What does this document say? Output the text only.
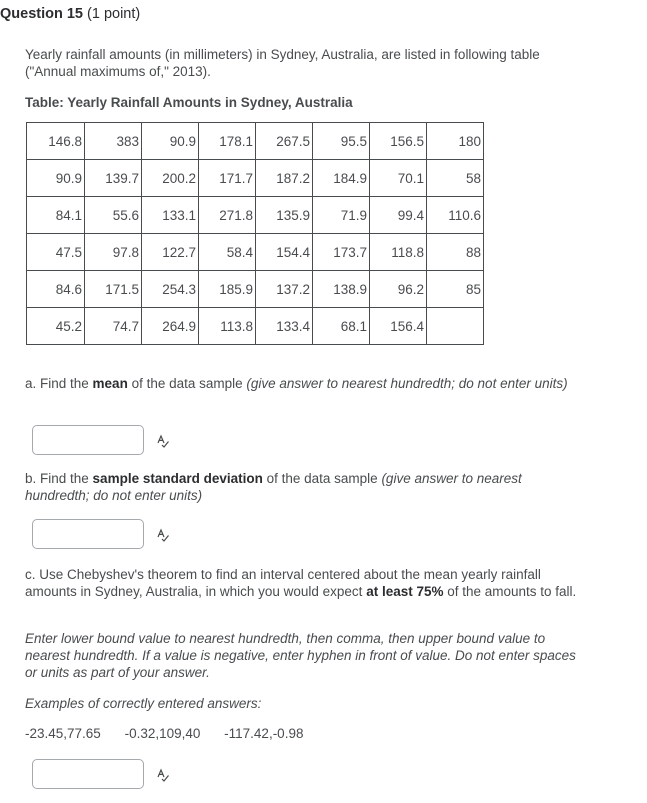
Question 15 (1 point)
Yearly rainfall amounts (in millimeters) in Sydney, Australia, are listed in following table ("Annual maximums of," 2013).
Table: Yearly Rainfall Amounts in Sydney, Australia
146.8	383	90.9	178.1	267.5	95.5	156.5	180
90.9	139.7	200.2	171.7	187.2	184.9	70.1	58
84.1	55.6	133.1	271.8	135.9	71.9	99.4	110.6
47.5	97.8	122.7	58.4	154.4	173.7	118.8	88
84.6	171.5	254.3	185.9	137.2	138.9	96.2	85
45.2	74.7	264.9	113.8	133.4	68.1	156.4	
a. Find the mean of the data sample (give answer to nearest hundredth; do not enter units)
b. Find the sample standard deviation of the data sample (give answer to nearest hundredth; do not enter units)
c. Use Chebyshev's theorem to find an interval centered about the mean yearly rainfall amounts in Sydney, Australia, in which you would expect at least 75% of the amounts to fall.
Enter lower bound value to nearest hundredth, then comma, then upper bound value to nearest hundredth. If a value is negative, enter hyphen in front of value. Do not enter spaces or units as part of your answer.
Examples of correctly entered answers:
-23.45,77.65 -0.32,109,40 -117.42,-0.98
